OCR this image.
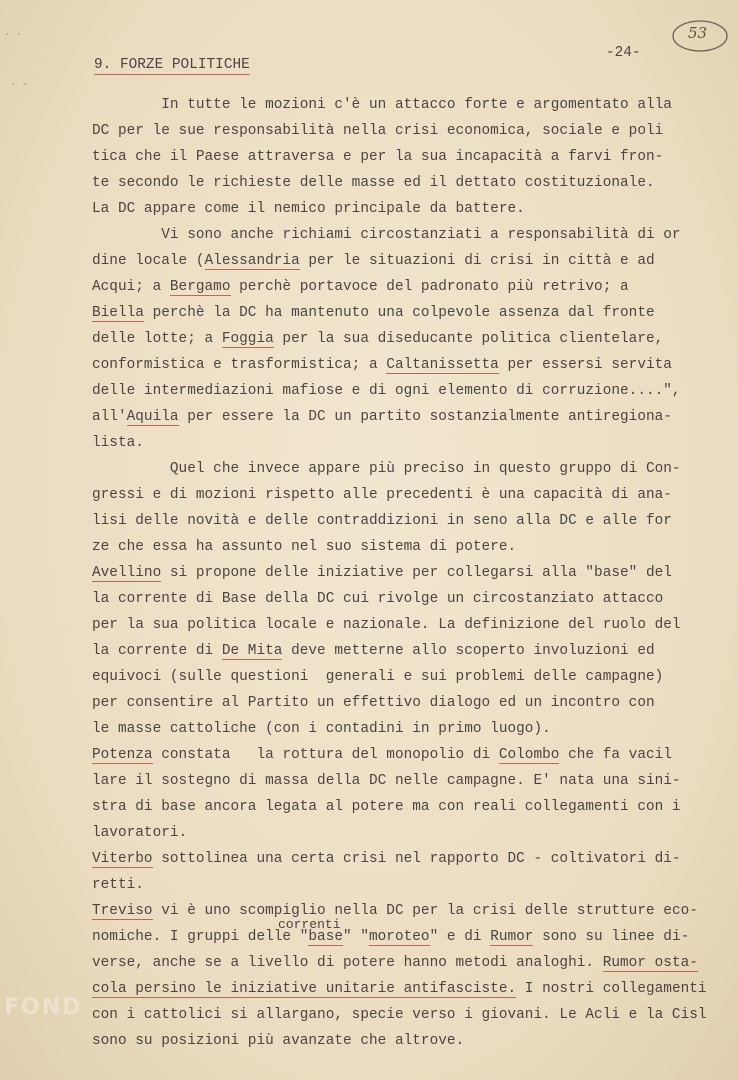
· ·
· -
53
-24-
9. FORZE POLITICHE
In tutte le mozioni c'è un attacco forte e argomentato alla
DC per le sue responsabilità nella crisi economica, sociale e poli
tica che il Paese attraversa e per la sua incapacità a farvi fron-
te secondo le richieste delle masse ed il dettato costituzionale.
La DC appare come il nemico principale da battere.
Vi sono anche richiami circostanziati a responsabilità di or
dine locale (Alessandria per le situazioni di crisi in città e ad
Acqui; a Bergamo perchè portavoce del padronato più retrivo; a
Biella perchè la DC ha mantenuto una colpevole assenza dal fronte
delle lotte; a Foggia per la sua diseducante politica clientelare,
conformistica e trasformistica; a Caltanissetta per essersi servita
delle intermediazioni mafiose e di ogni elemento di corruzione....",
all'Aquila per essere la DC un partito sostanzialmente antiregiona-
lista.
Quel che invece appare più preciso in questo gruppo di Con-
gressi e di mozioni rispetto alle precedenti è una capacità di ana-
lisi delle novità e delle contraddizioni in seno alla DC e alle for
ze che essa ha assunto nel suo sistema di potere.
Avellino si propone delle iniziative per collegarsi alla "base" del
la corrente di Base della DC cui rivolge un circostanziato attacco
per la sua politica locale e nazionale. La definizione del ruolo del
la corrente di De Mita deve metterne allo scoperto involuzioni ed
equivoci (sulle questioni  generali e sui problemi delle campagne)
per consentire al Partito un effettivo dialogo ed un incontro con
le masse cattoliche (con i contadini in primo luogo).
Potenza constata   la rottura del monopolio di Colombo che fa vacil
lare il sostegno di massa della DC nelle campagne. E' nata una sini-
stra di base ancora legata al potere ma con reali collegamenti con i
lavoratori.
Viterbo sottolinea una certa crisi nel rapporto DC - coltivatori di-
retti.
Treviso vi è uno scompiglio nella DC per la crisi delle strutture eco-
nomiche. I gruppi delle "base" "moroteo" e di Rumor sono su linee di-
verse, anche se a livello di potere hanno metodi analoghi. Rumor osta-
cola persino le iniziative unitarie antifasciste. I nostri collegamenti
con i cattolici si allargano, specie verso i giovani. Le Acli e la Cisl
sono su posizioni più avanzate che altrove.
correnti
FOND
